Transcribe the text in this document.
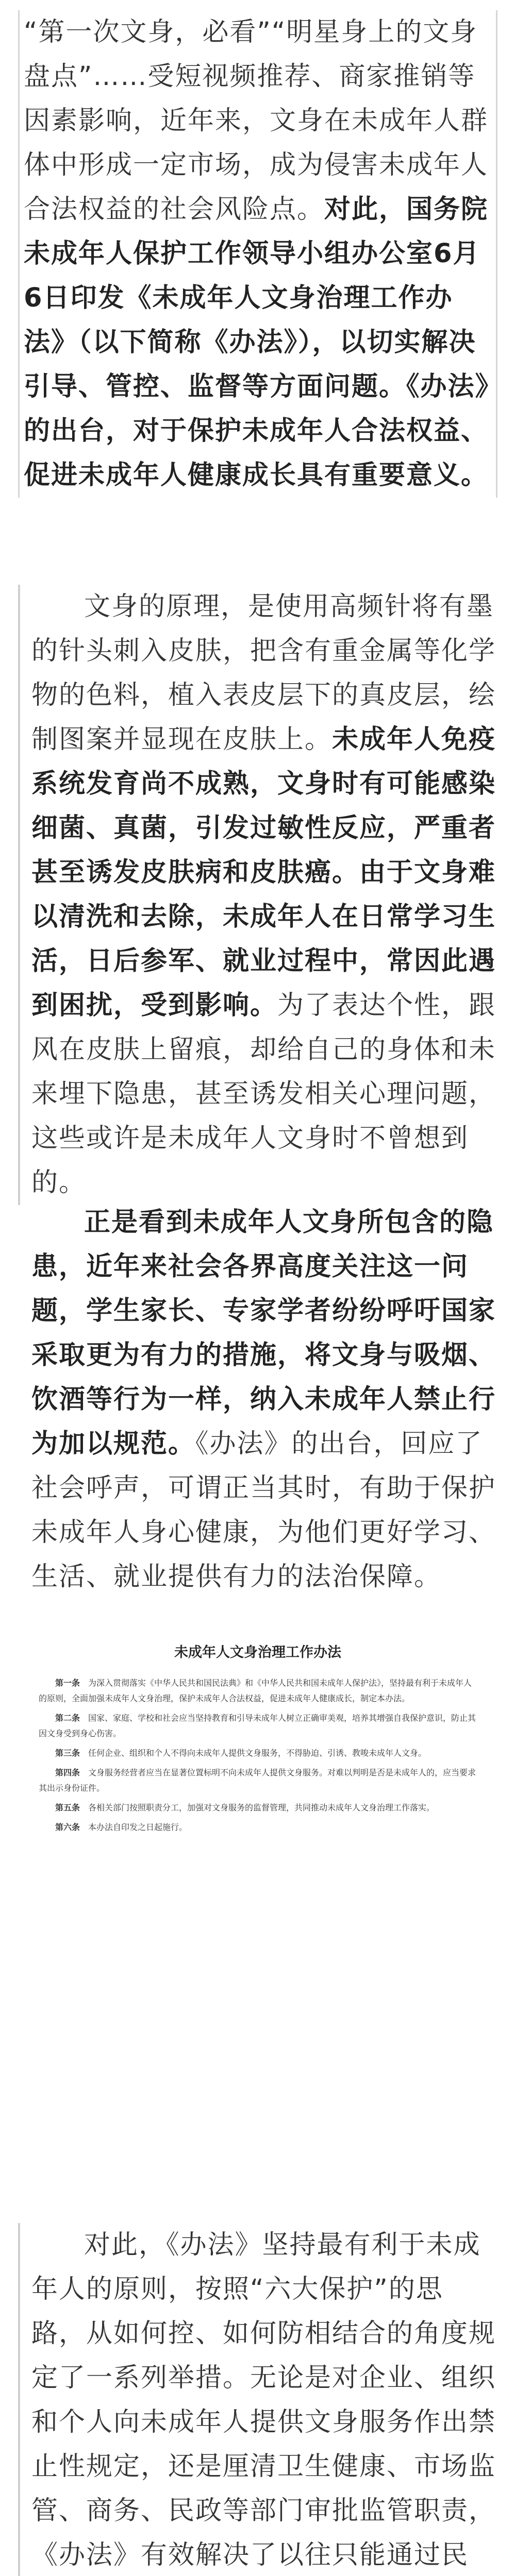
“第一次文身，必看”“明星身上的文身盘点”……受短视频推荐、商家推销等因素影响，近年来，文身在未成年人群体中形成一定市场，成为侵害未成年人合法权益的社会风险点。对此，国务院未成年人保护工作领导小组办公室6月6日印发《未成年人文身治理工作办法》（以下简称《办法》），以切实解决引导、管控、监督等方面问题。《办法》的出台，对于保护未成年人合法权益、促进未成年人健康成长具有重要意义。

文身的原理，是使用高频针将有墨的针头刺入皮肤，把含有重金属等化学物的色料，植入表皮层下的真皮层，绘制图案并显现在皮肤上。未成年人免疫系统发育尚不成熟，文身时有可能感染细菌、真菌，引发过敏性反应，严重者甚至诱发皮肤病和皮肤癌。由于文身难以清洗和去除，未成年人在日常学习生活，日后参军、就业过程中，常因此遇到困扰，受到影响。为了表达个性，跟风在皮肤上留痕，却给自己的身体和未来埋下隐患，甚至诱发相关心理问题，这些或许是未成年人文身时不曾想到的。

正是看到未成年人文身所包含的隐患，近年来社会各界高度关注这一问题，学生家长、专家学者纷纷呼吁国家采取更为有力的措施，将文身与吸烟、饮酒等行为一样，纳入未成年人禁止行为加以规范。《办法》的出台，回应了社会呼声，可谓正当其时，有助于保护未成年人身心健康，为他们更好学习、生活、就业提供有力的法治保障。

未成年人文身治理工作办法

第一条　 为深入贯彻落实《中华人民共和国民法典》和《中华人民共和国未成年人保护法》，坚持最有利于未成年人的原则，全面加强未成年人文身治理，保护未成年人合法权益，促进未成年人健康成长，制定本办法。

第二条　 国家、家庭、学校和社会应当坚持教育和引导未成年人树立正确审美观，培养其增强自我保护意识，防止其因文身受到身心伤害。

第三条　 任何企业、组织和个人不得向未成年人提供文身服务，不得胁迫、引诱、教唆未成年人文身。

第四条　 文身服务经营者应当在显著位置标明不向未成年人提供文身服务。对难以判明是否是未成年人的，应当要求其出示身份证件。

第五条　 各相关部门按照职责分工，加强对文身服务的监督管理，共同推动未成年人文身治理工作落实。

第六条　 本办法自印发之日起施行。

对此，《办法》坚持最有利于未成年人的原则，按照“六大保护”的思路，从如何控、如何防相结合的角度规定了一系列举措。无论是对企业、组织和个人向未成年人提供文身服务作出禁止性规定，还是厘清卫生健康、市场监管、商务、民政等部门审批监管职责，《办法》有效解决了以往只能通过民
